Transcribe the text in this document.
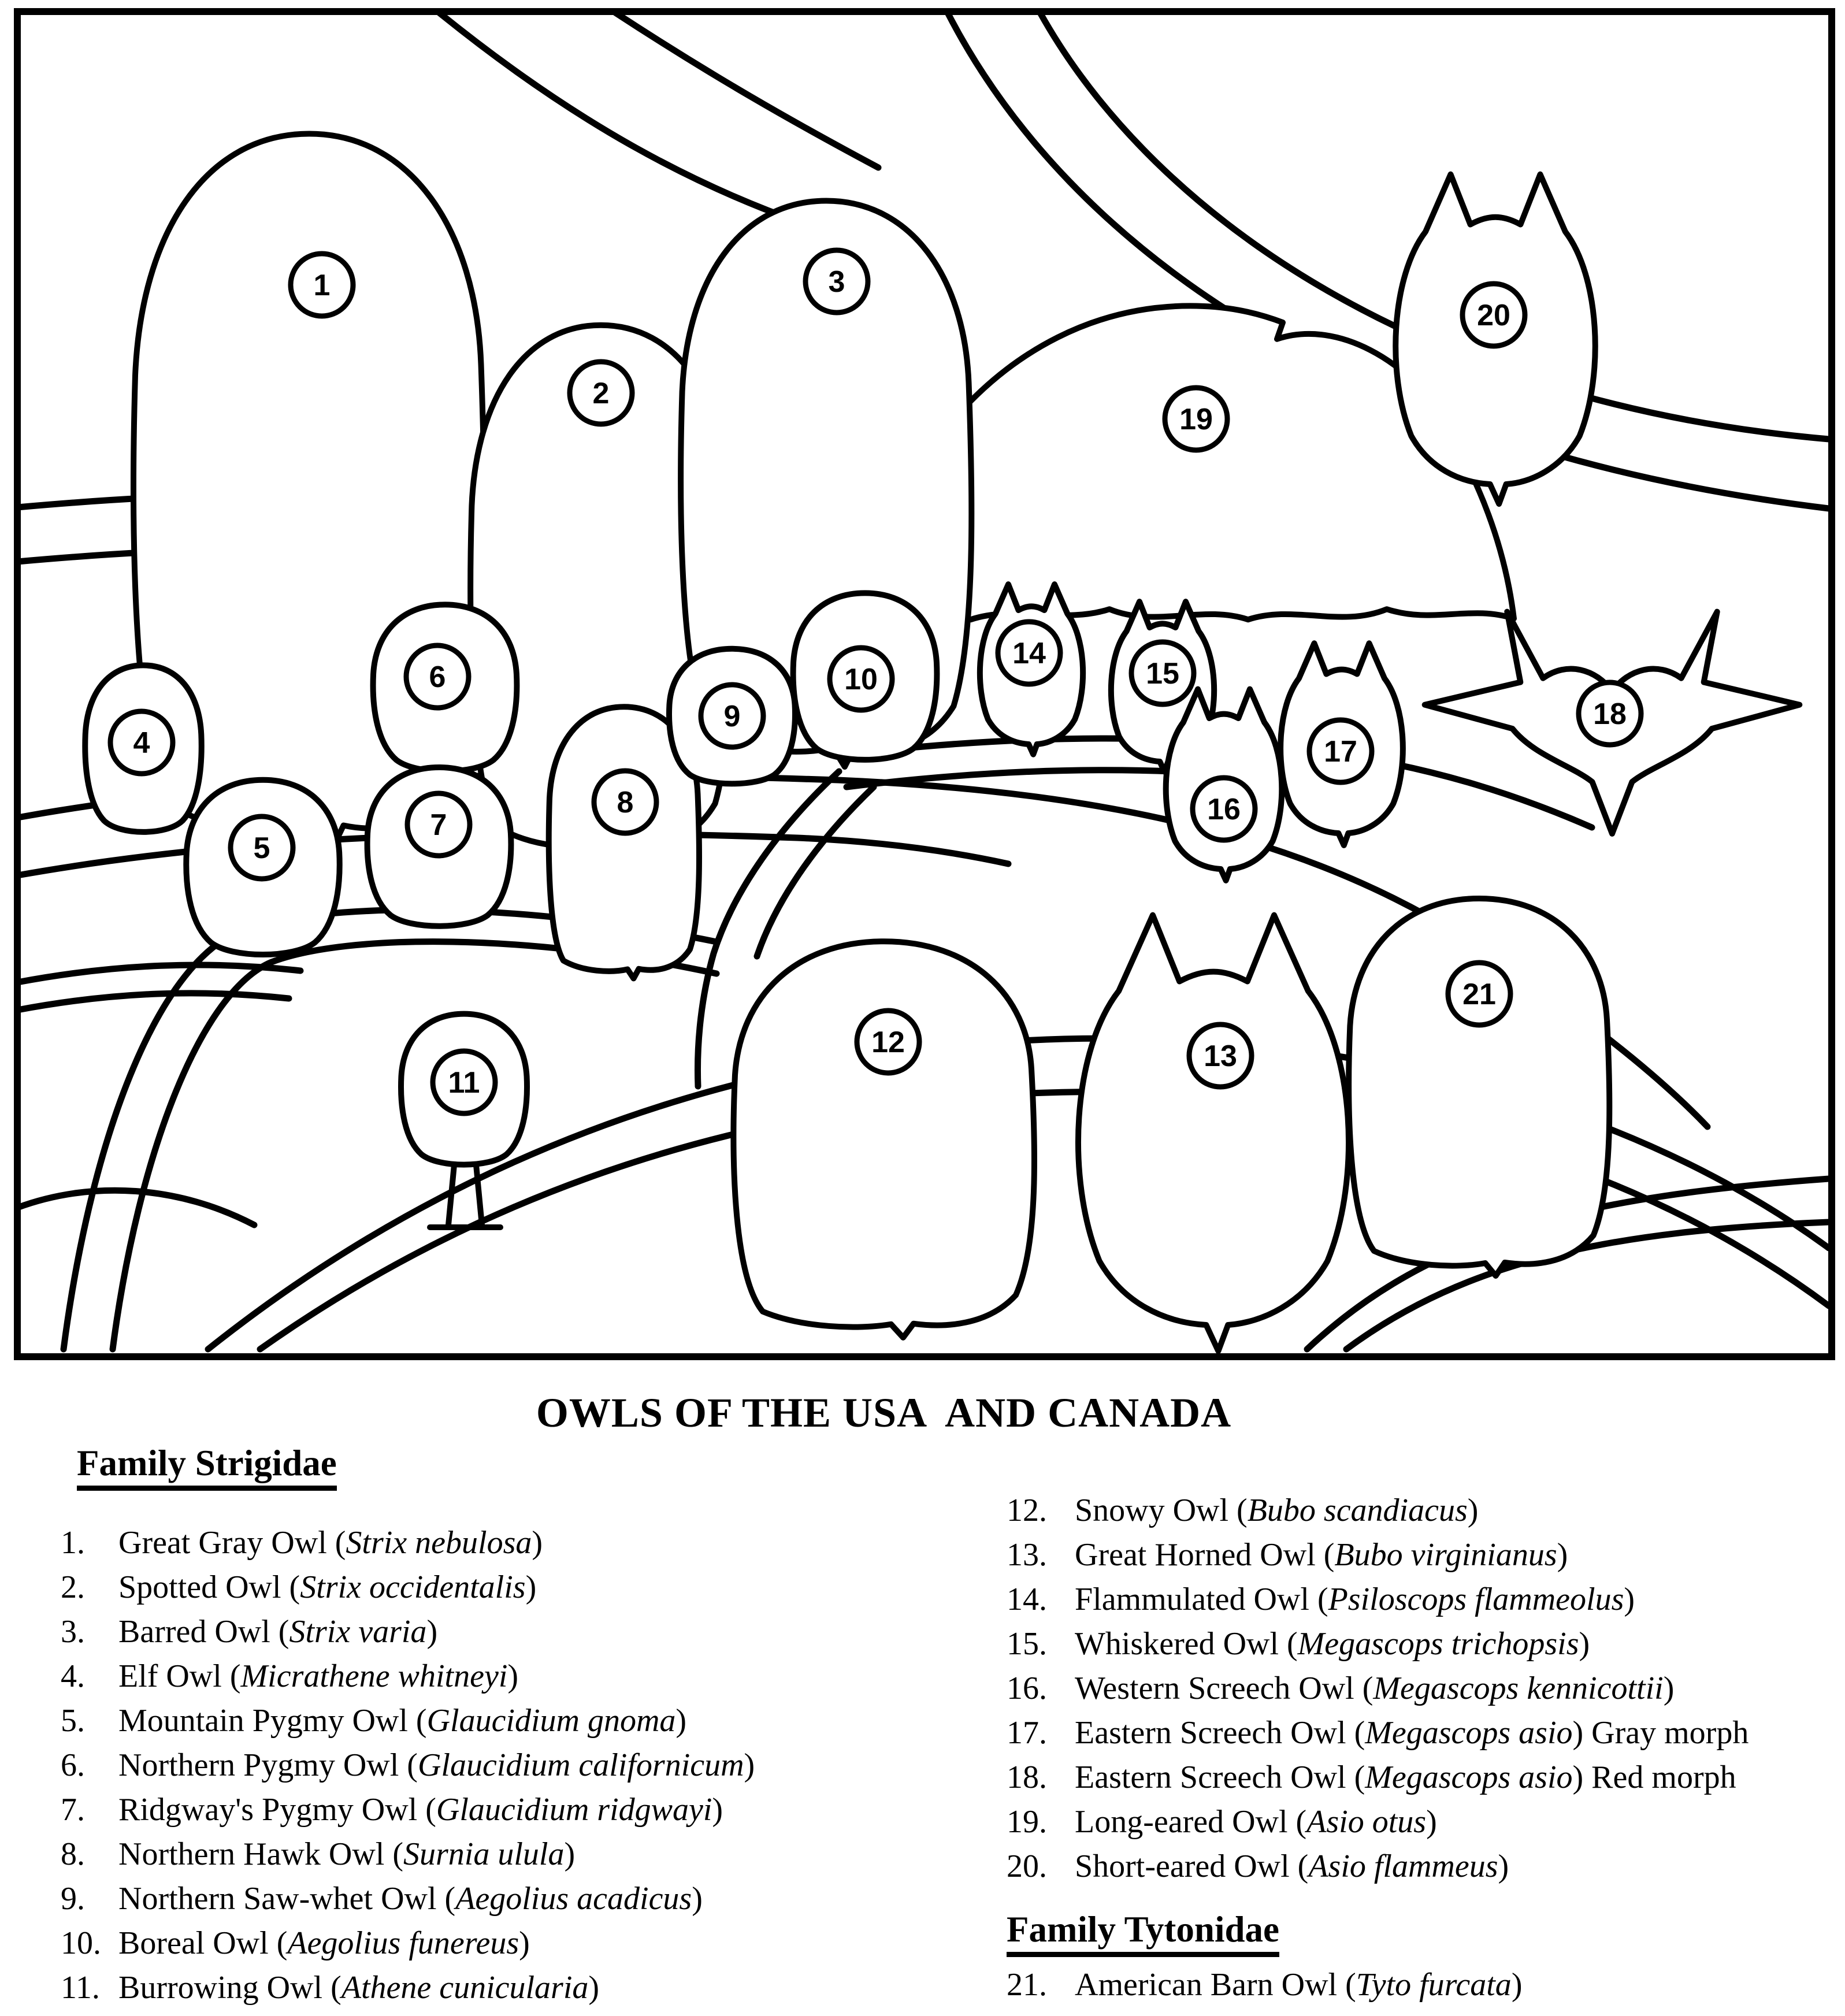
1
2
3
4
5
6
7
8
9
10
11
12	13
14
15
16
17
18
19
20
21
OWLS OF THE USA  AND CANADA
Family Strigidae
1. Great Gray Owl (Strix nebulosa)
2. Spotted Owl (Strix occidentalis)
3. Barred Owl (Strix varia)
4. Elf Owl (Micrathene whitneyi)
5. Mountain Pygmy Owl (Glaucidium gnoma)
6. Northern Pygmy Owl (Glaucidium californicum)
7. Ridgway's Pygmy Owl (Glaucidium ridgwayi)
8. Northern Hawk Owl (Surnia ulula)
9. Northern Saw-whet Owl (Aegolius acadicus)
10. Boreal Owl (Aegolius funereus)
11. Burrowing Owl (Athene cunicularia)
12. Snowy Owl (Bubo scandiacus)
13. Great Horned Owl (Bubo virginianus)
14. Flammulated Owl (Psiloscops flammeolus)
15. Whiskered Owl (Megascops trichopsis)
16. Western Screech Owl (Megascops kennicottii)
17. Eastern Screech Owl (Megascops asio) Gray morph
18. Eastern Screech Owl (Megascops asio) Red morph
19. Long-eared Owl (Asio otus)
20. Short-eared Owl (Asio flammeus)
Family Tytonidae
21. American Barn Owl (Tyto furcata)
